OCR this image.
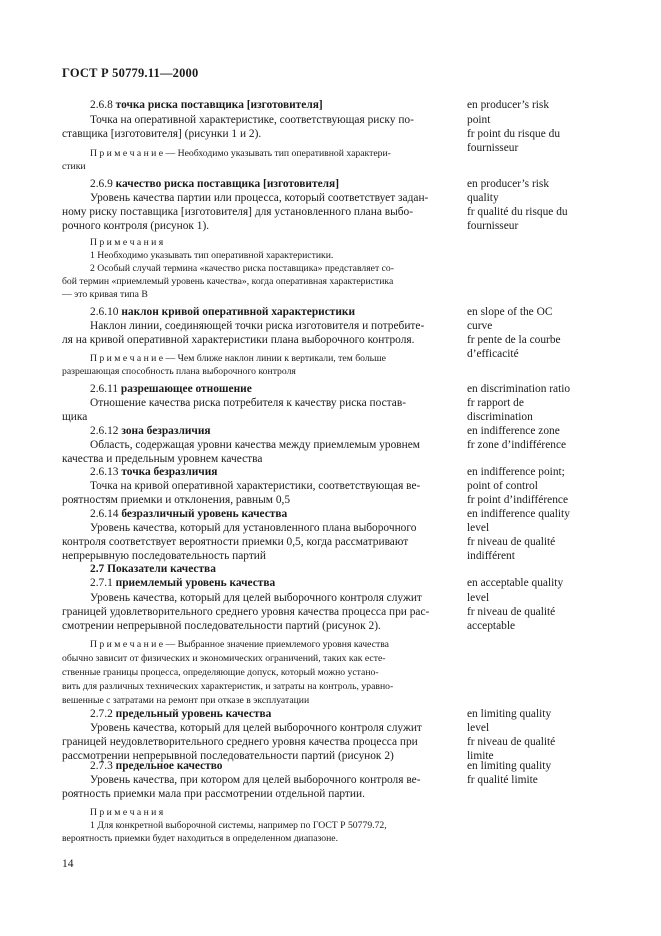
ГОСТ Р 50779.11—2000
2.6.8 точка риска поставщика [изготовителя]
Точка на оперативной характеристике, соответствующая риску по-
ставщика [изготовителя] (рисунки 1 и 2).
П р и м е ч а н и е — Необходимо указывать тип оперативной характери-
стики
en producer’s risk
point
fr point du risque du
fournisseur
2.6.9 качество риска поставщика [изготовителя]
Уровень качества партии или процесса, который соответствует задан-
ному риску поставщика [изготовителя] для установленного плана выбо-
рочного контроля (рисунок 1).
П р и м е ч а н и я
1 Необходимо указывать тип оперативной характеристики.
2 Особый случай термина «качество риска поставщика» представляет со-
бой термин «приемлемый уровень качества», когда оперативная характеристика
— это кривая типа В
en producer’s risk
quality
fr qualité du risque du
fournisseur
2.6.10 наклон кривой оперативной характеристики
Наклон линии, соединяющей точки риска изготовителя и потребите-
ля на кривой оперативной характеристики плана выборочного контроля.
П р и м е ч а н и е — Чем ближе наклон линии к вертикали, тем больше
разрешающая способность плана выборочного контроля
en slope of the OC
curve
fr pente de la courbe
d’efficacité
2.6.11 разрешающее отношение
Отношение качества риска потребителя к качеству риска постав-
щика
en discrimination ratio
fr rapport de
discrimination
2.6.12 зона безразличия
Область, содержащая уровни качества между приемлемым уровнем
качества и предельным уровнем качества
en indifference zone
fr zone d’indifférence
2.6.13 точка безразличия
Точка на кривой оперативной характеристики, соответствующая ве-
роятностям приемки и отклонения, равным 0,5
en indifference point;
point of control
fr point d’indifférence
2.6.14 безразличный уровень качества
Уровень качества, который для установленного плана выборочного
контроля соответствует вероятности приемки 0,5, когда рассматривают
непрерывную последовательность партий
en indifference quality
level
fr niveau de qualité
indifférent
2.7 Показатели качества
2.7.1 приемлемый уровень качества
Уровень качества, который для целей выборочного контроля служит
границей удовлетворительного среднего уровня качества процесса при рас-
смотрении непрерывной последовательности партий (рисунок 2).
П р и м е ч а н и е — Выбранное значение приемлемого уровня качества
обычно зависит от физических и экономических ограничений, таких как есте-
ственные границы процесса, определяющие допуск, который можно устано-
вить для различных технических характеристик, и затраты на контроль, уравно-
вешенные с затратами на ремонт при отказе в эксплуатации
en acceptable quality
level
fr niveau de qualité
acceptable
2.7.2 предельный уровень качества
Уровень качества, который для целей выборочного контроля служит
границей неудовлетворительного среднего уровня качества процесса при
рассмотрении непрерывной последовательности партий (рисунок 2)
en limiting quality
level
fr niveau de qualité
limite
2.7.3 предельное качество
Уровень качества, при котором для целей выборочного контроля ве-
роятность приемки мала при рассмотрении отдельной партии.
П р и м е ч а н и я
1 Для конкретной выборочной системы, например по ГОСТ Р 50779.72,
вероятность приемки будет находиться в определенном диапазоне.
en limiting quality
fr qualité limite
14
